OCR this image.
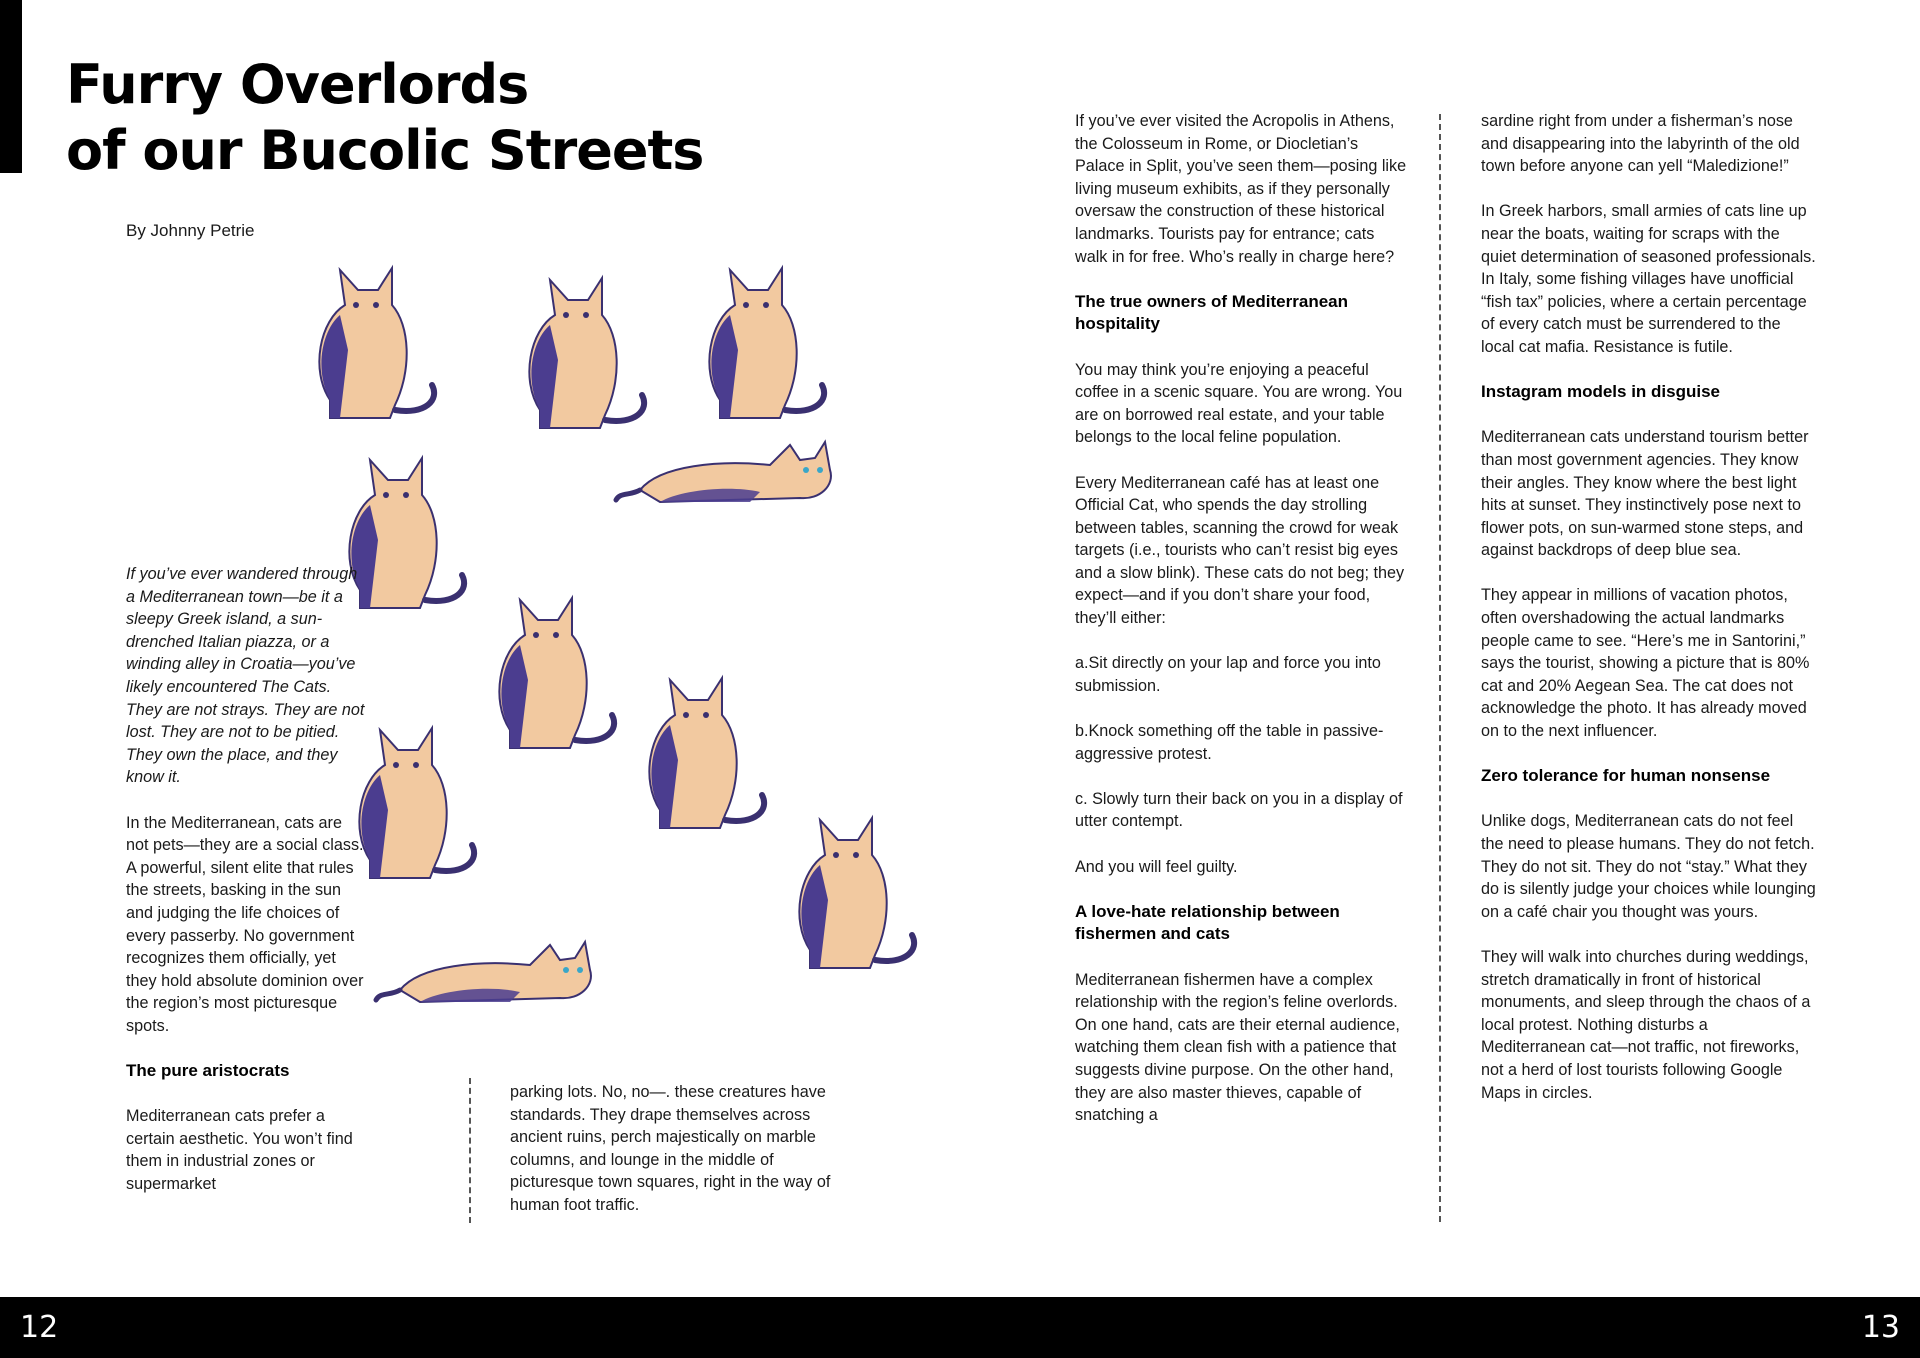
Furry Overlords
of our Bucolic Streets
By Johnny Petrie

If you’ve ever wandered through a Mediterranean town—be it a sleepy Greek island, a sun-drenched Italian piazza, or a winding alley in Croatia—you’ve likely encountered The Cats. They are not strays. They are not lost. They are not to be pitied. They own the place, and they know it.

In the Mediterranean, cats are not pets—they are a social class. A powerful, silent elite that rules the streets, basking in the sun and judging the life choices of every passerby. No government recognizes them officially, yet they hold absolute dominion over the region’s most picturesque spots.

The pure aristocrats

Mediterranean cats prefer a certain aesthetic. You won’t find them in industrial zones or supermarket

parking lots. No, no—. these creatures have standards. They drape themselves across ancient ruins, perch majestically on marble columns, and lounge in the middle of picturesque town squares, right in the way of human foot traffic.

If you’ve ever visited the Acropolis in Athens, the Colosseum in Rome, or Diocletian’s Palace in Split, you’ve seen them—posing like living museum exhibits, as if they personally oversaw the construction of these historical landmarks. Tourists pay for entrance; cats walk in for free. Who’s really in charge here?

The true owners of Mediterranean hospitality

You may think you’re enjoying a peaceful coffee in a scenic square. You are wrong. You are on borrowed real estate, and your table belongs to the local feline population.

Every Mediterranean café has at least one Official Cat, who spends the day strolling between tables, scanning the crowd for weak targets (i.e., tourists who can’t resist big eyes and a slow blink). These cats do not beg; they expect—and if you don’t share your food, they’ll either:

a.Sit directly on your lap and force you into submission.

b.Knock something off the table in passive-aggressive protest.

c. Slowly turn their back on you in a display of utter contempt.

And you will feel guilty.

A love-hate relationship between fishermen and cats

Mediterranean fishermen have a complex relationship with the region’s feline overlords. On one hand, cats are their eternal audience, watching them clean fish with a patience that suggests divine purpose. On the other hand, they are also master thieves, capable of snatching a

sardine right from under a fisherman’s nose and disappearing into the labyrinth of the old town before anyone can yell “Maledizione!”

In Greek harbors, small armies of cats line up near the boats, waiting for scraps with the quiet determination of seasoned professionals. In Italy, some fishing villages have unofficial “fish tax” policies, where a certain percentage of every catch must be surrendered to the local cat mafia. Resistance is futile.

Instagram models in disguise

Mediterranean cats understand tourism better than most government agencies. They know their angles. They know where the best light hits at sunset. They instinctively pose next to flower pots, on sun-warmed stone steps, and against backdrops of deep blue sea.

They appear in millions of vacation photos, often overshadowing the actual landmarks people came to see. “Here’s me in Santorini,” says the tourist, showing a picture that is 80% cat and 20% Aegean Sea. The cat does not acknowledge the photo. It has already moved on to the next influencer.

Zero tolerance for human nonsense

Unlike dogs, Mediterranean cats do not feel the need to please humans. They do not fetch. They do not sit. They do not “stay.” What they do is silently judge your choices while lounging on a café chair you thought was yours.

They will walk into churches during weddings, stretch dramatically in front of historical monuments, and sleep through the chaos of a local protest. Nothing disturbs a Mediterranean cat—not traffic, not fireworks, not a herd of lost tourists following Google Maps in circles.

12	13
